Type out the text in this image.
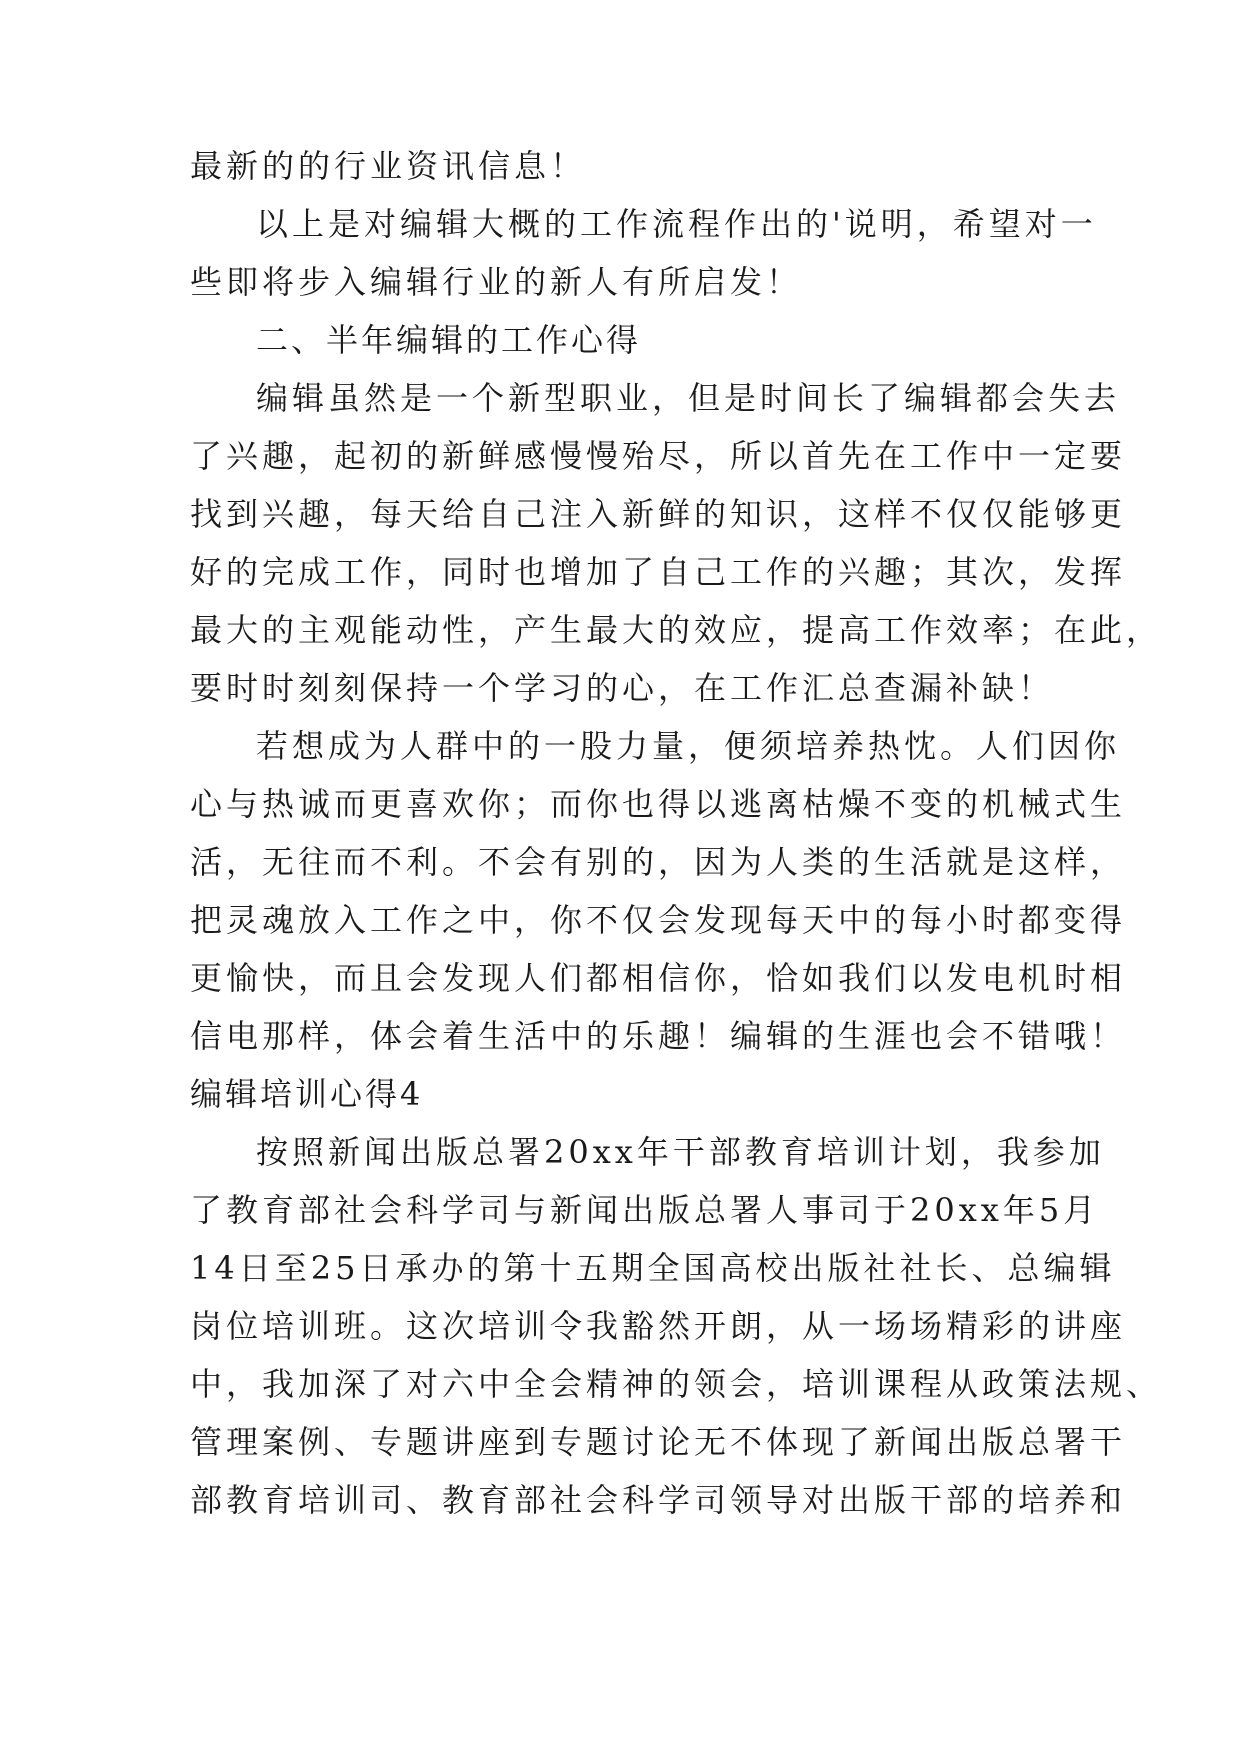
最新的的行业资讯信息！
以上是对编辑大概的工作流程作出的'说明，希望对一
些即将步入编辑行业的新人有所启发！
二、半年编辑的工作心得
编辑虽然是一个新型职业，但是时间长了编辑都会失去
了兴趣，起初的新鲜感慢慢殆尽，所以首先在工作中一定要
找到兴趣，每天给自己注入新鲜的知识，这样不仅仅能够更
好的完成工作，同时也增加了自己工作的兴趣；其次，发挥
最大的主观能动性，产生最大的效应，提高工作效率；在此，
要时时刻刻保持一个学习的心，在工作汇总查漏补缺！
若想成为人群中的一股力量，便须培养热忱。人们因你
心与热诚而更喜欢你；而你也得以逃离枯燥不变的机械式生
活，无往而不利。不会有别的，因为人类的生活就是这样，
把灵魂放入工作之中，你不仅会发现每天中的每小时都变得
更愉快，而且会发现人们都相信你，恰如我们以发电机时相
信电那样，体会着生活中的乐趣！编辑的生涯也会不错哦！
编辑培训心得4
按照新闻出版总署20xx年干部教育培训计划，我参加
了教育部社会科学司与新闻出版总署人事司于20xx年5月
14日至25日承办的第十五期全国高校出版社社长、总编辑
岗位培训班。这次培训令我豁然开朗，从一场场精彩的讲座
中，我加深了对六中全会精神的领会，培训课程从政策法规、
管理案例、专题讲座到专题讨论无不体现了新闻出版总署干
部教育培训司、教育部社会科学司领导对出版干部的培养和
